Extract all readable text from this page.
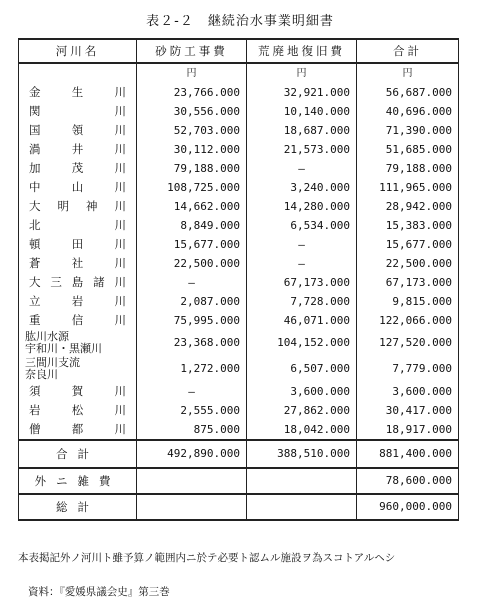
表２-２　継続治水事業明細書
河川名	砂防工事費	荒廃地復旧費	合計
	円	円	円

金 生 川	23,766.000	32,921.000	56,687.000

関 川	30,556.000	10,140.000	40,696.000

国 領 川	52,703.000	18,687.000	71,390.000

渦 井 川	30,112.000	21,573.000	51,685.000

加 茂 川	79,188.000	―	79,188.000

中 山 川	108,725.000	3,240.000	111,965.000

大 明 神 川	14,662.000	14,280.000	28,942.000

北 川	8,849.000	6,534.000	15,383.000

頓 田 川	15,677.000	―	15,677.000

蒼 社 川	22,500.000	―	22,500.000

大 三 島 諸 川	―	67,173.000	67,173.000

立 岩 川	2,087.000	7,728.000	9,815.000

重 信 川	75,995.000	46,071.000	122,066.000

肱川水源
宇和川・黒瀬川	23,368.000	104,152.000	127,520.000

三間川支流
奈良川	1,272.000	6,507.000	7,779.000

須 賀 川	―	3,600.000	3,600.000

岩 松 川	2,555.000	27,862.000	30,417.000

僧 都 川	875.000	18,042.000	18,917.000
合計	492,890.000	388,510.000	881,400.000
外ニ雑費			78,600.000
総計			960,000.000
本表掲記外ノ河川ト雖予算ノ範囲内ニ於テ必要ト認ムル施設ヲ為スコトアルヘシ
資料：『愛媛県議会史』第三巻
